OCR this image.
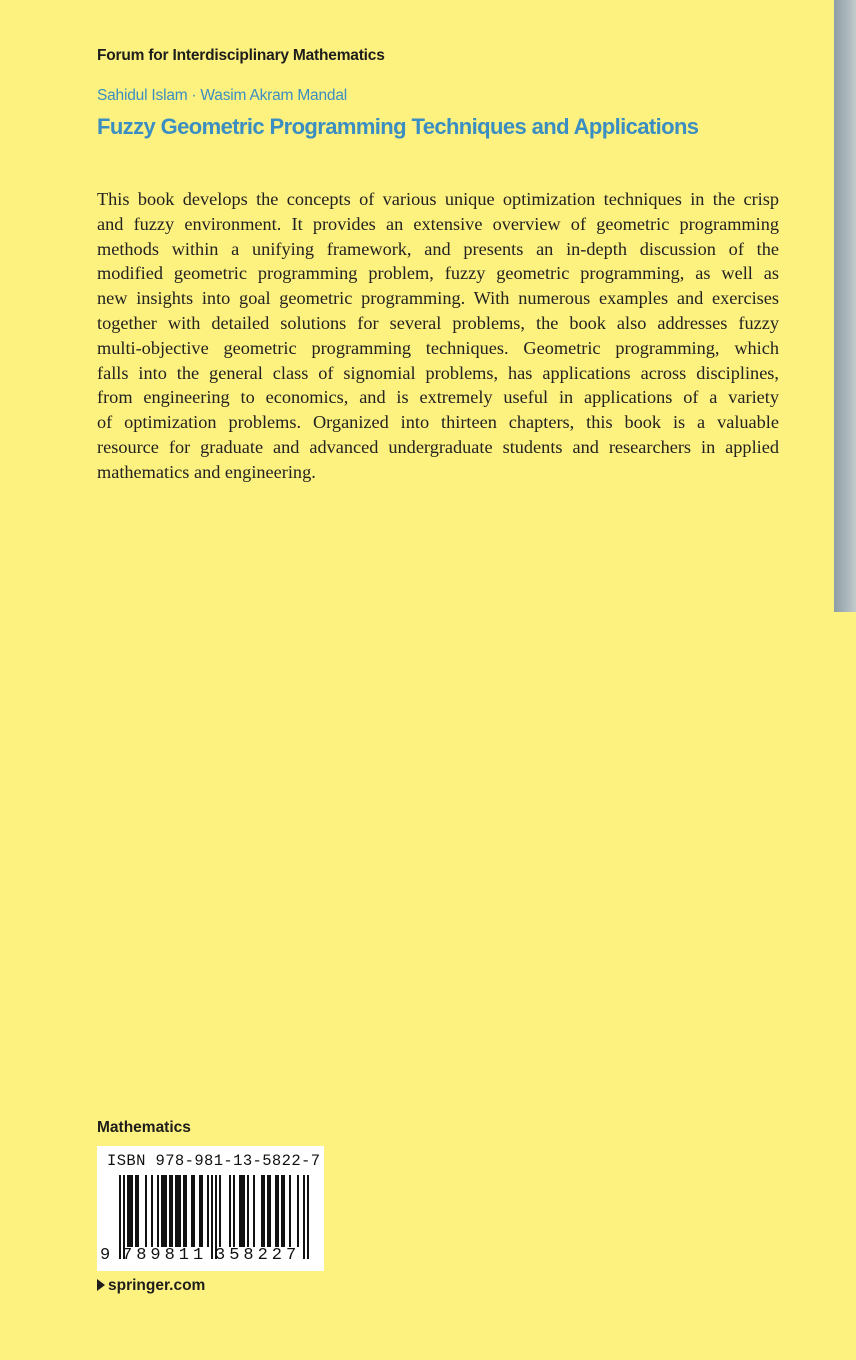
Forum for Interdisciplinary Mathematics
Sahidul Islam · Wasim Akram Mandal
Fuzzy Geometric Programming Techniques and Applications
This book develops the concepts of various unique optimization techniques in the crisp
and fuzzy environment. It provides an extensive overview of geometric programming
methods within a unifying framework, and presents an in-depth discussion of the
modified geometric programming problem, fuzzy geometric programming, as well as
new insights into goal geometric programming. With numerous examples and exercises
together with detailed solutions for several problems, the book also addresses fuzzy
multi-objective geometric programming techniques. Geometric programming, which
falls into the general class of signomial problems, has applications across disciplines,
from engineering to economics, and is extremely useful in applications of a variety
of optimization problems. Organized into thirteen chapters, this book is a valuable
resource for graduate and advanced undergraduate students and researchers in applied
mathematics and engineering.
Mathematics
ISBN 978-981-13-5822-7
9 789811 358227
springer.com
